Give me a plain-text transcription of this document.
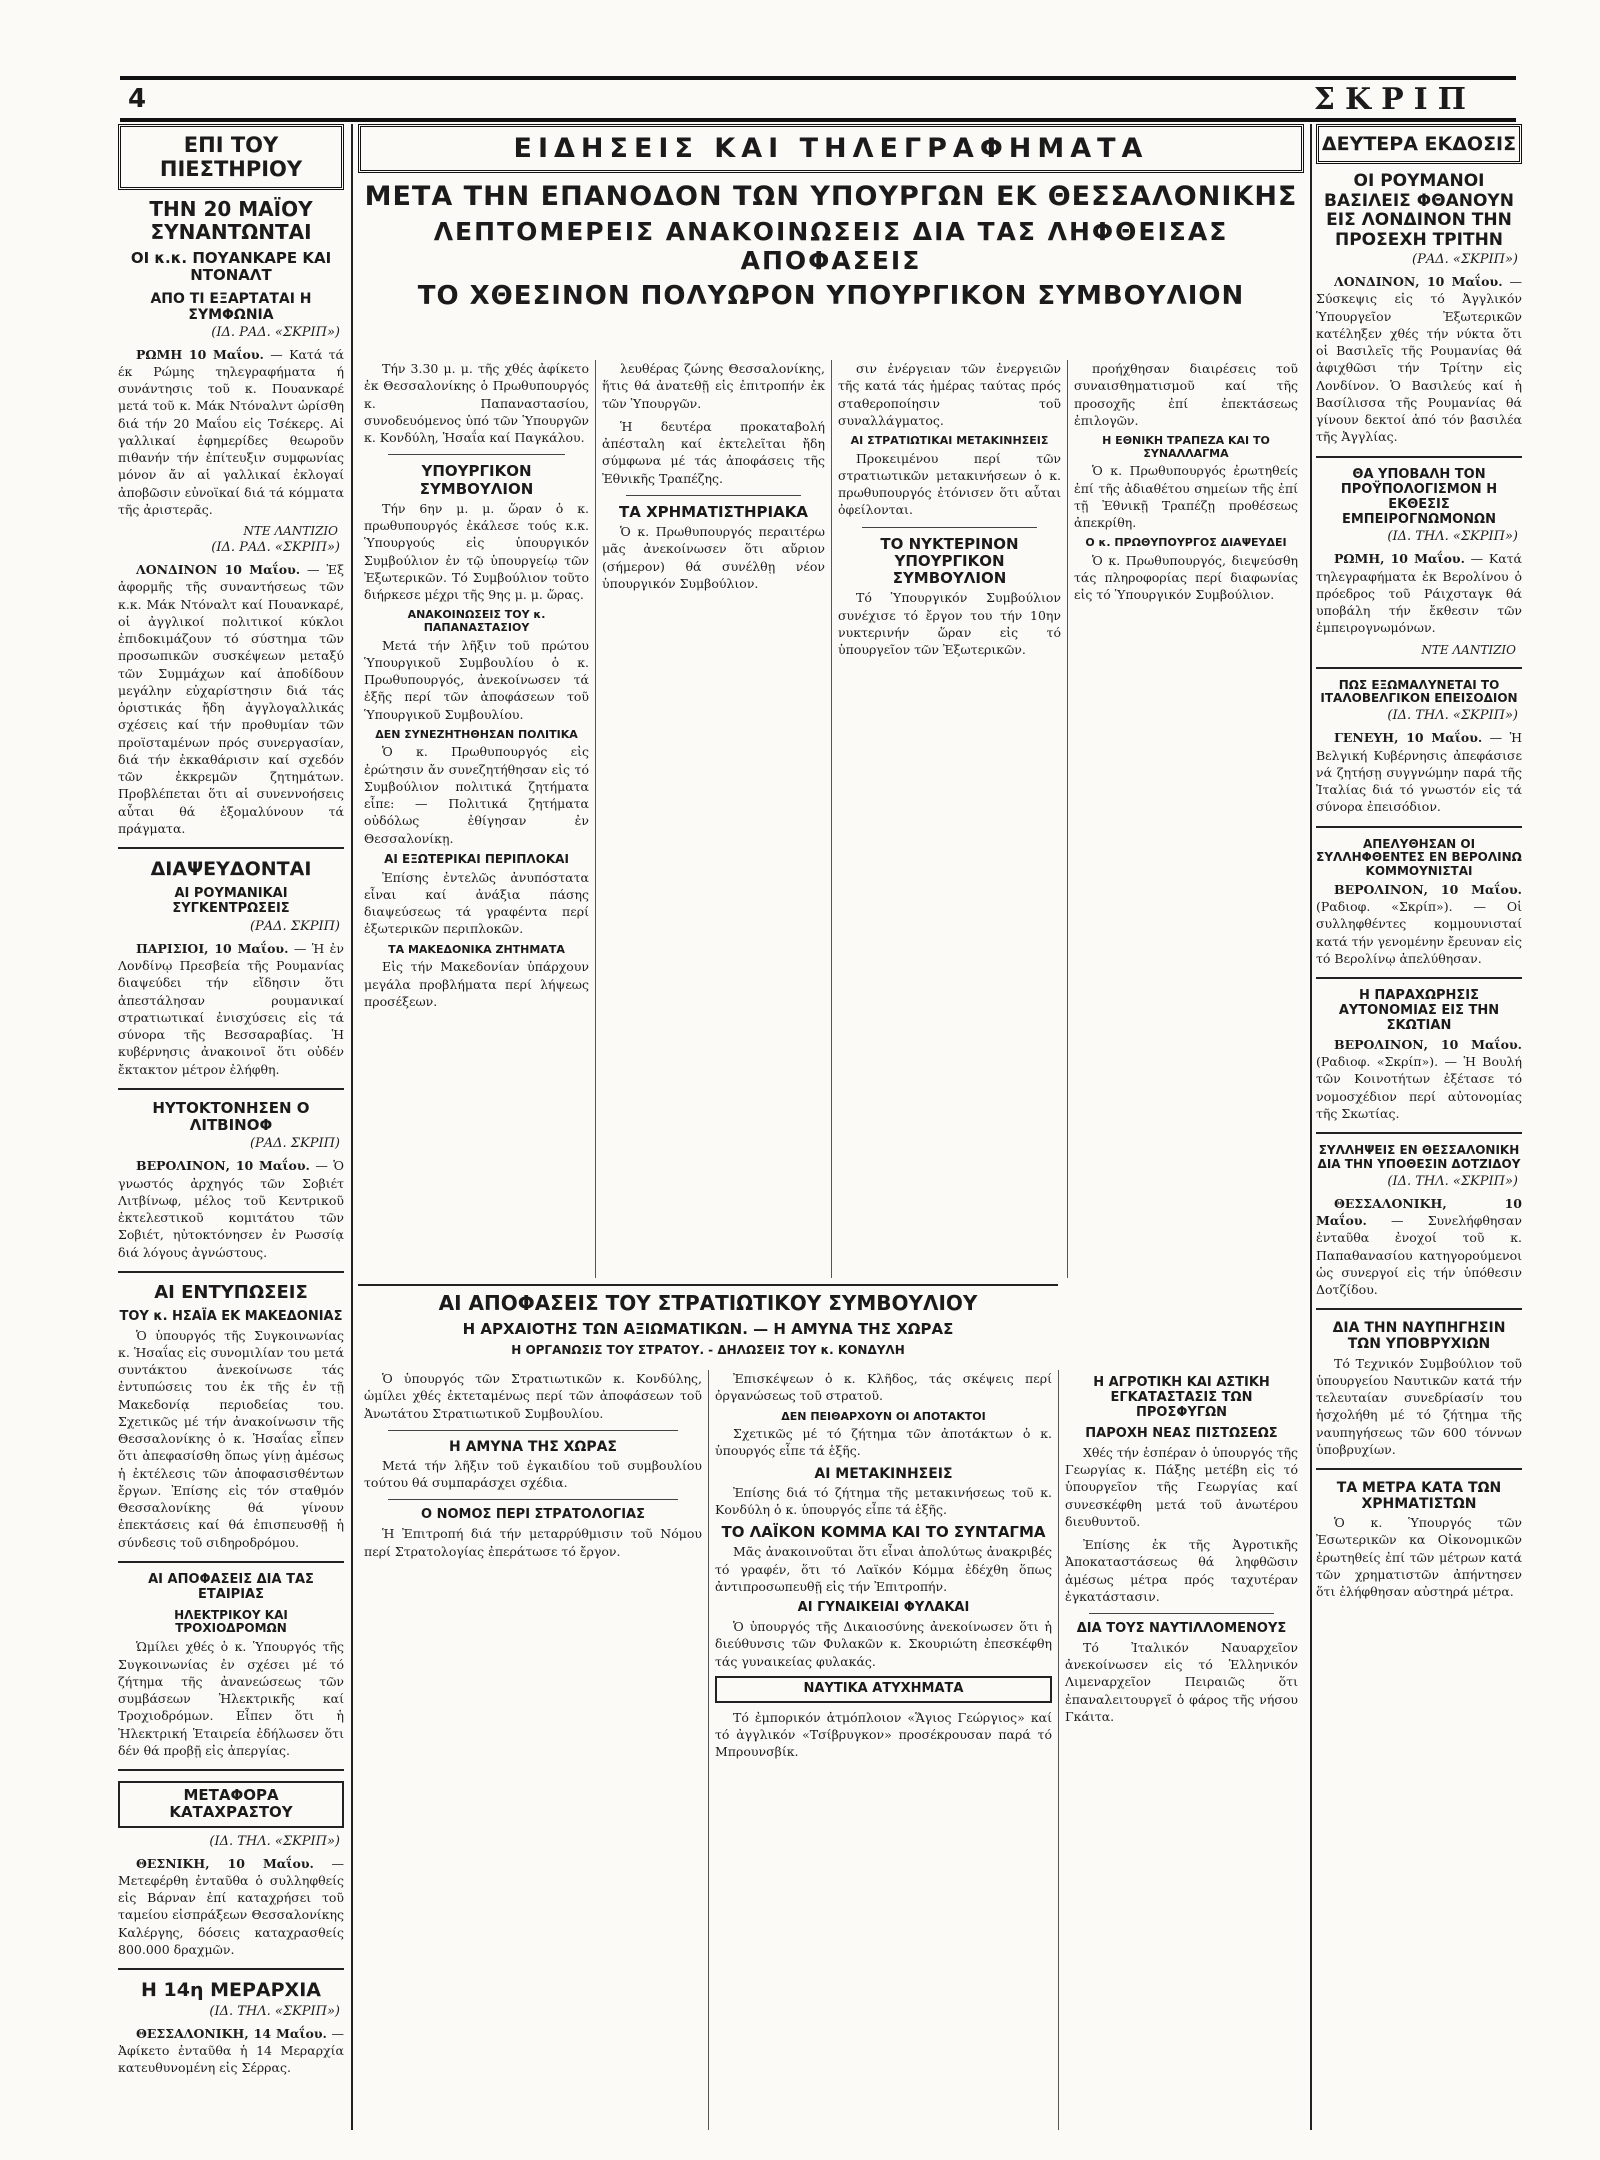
4	ΣΚΡΙΠ
ΕΠΙ ΤΟΥ ΠΙΕΣΤΗΡΙΟΥ
ΤΗΝ 20 ΜΑΪΟΥ ΣΥΝΑΝΤΩΝΤΑΙ
ΟΙ κ.κ. ΠΟΥΑΝΚΑΡΕ ΚΑΙ ΝΤΟΝΑΛΤ
ΑΠΟ ΤΙ ΕΞΑΡΤΑΤΑΙ Η ΣΥΜΦΩΝΙΑ
(ΙΔ. ΡΑΔ. «ΣΚΡΙΠ»)

ΡΩΜΗ 10 Μαΐου. — Κατά τά έκ Ρώμης τηλεγραφήματα ή συνάντησις τοῦ κ. Πουανκαρέ μετά τοῦ κ. Μάκ Ντόναλντ ὡρίσθη διά τήν 20 Μαΐου εἰς Τσέκερς. Αἱ γαλλικαί ἐφημερίδες θεωροῦν πιθανήν τήν ἐπίτευξιν συμφωνίας μόνον ἄν αἱ γαλλικαί ἐκλογαί ἀποβῶσιν εὐνοϊκαί διά τά κόμματα τῆς ἀριστερᾶς.

ΝΤΕ ΛΑΝΤΙΖΙΟ
(ΙΔ. ΡΑΔ. «ΣΚΡΙΠ»)

ΛΟΝΔΙΝΟΝ 10 Μαΐου. — Ἐξ ἀφορμῆς τῆς συναντήσεως τῶν κ.κ. Μάκ Ντόναλτ καί Πουανκαρέ, οἱ ἀγγλικοί πολιτικοί κύκλοι ἐπιδοκιμάζουν τό σύστημα τῶν προσωπικῶν συσκέψεων μεταξύ τῶν Συμμάχων καί ἀποδίδουν μεγάλην εὐχαρίστησιν διά τάς ὁριστικάς ἤδη ἀγγλογαλλικάς σχέσεις καί τήν προθυμίαν τῶν προϊσταμένων πρός συνεργασίαν, διά τήν ἐκκαθάρισιν καί σχεδόν τῶν ἐκκρεμῶν ζητημάτων. Προβλέπεται ὅτι αἱ συνεννοήσεις αὗται θά ἐξομαλύνουν τά πράγματα.

ΔΙΑΨΕΥΔΟΝΤΑΙ
ΑΙ ΡΟΥΜΑΝΙΚΑΙ ΣΥΓΚΕΝΤΡΩΣΕΙΣ
(ΡΑΔ. ΣΚΡΙΠ)

ΠΑΡΙΣΙΟΙ, 10 Μαΐου. — Ἡ ἐν Λονδίνῳ Πρεσβεία τῆς Ρουμανίας διαψεύδει τήν εἴδησιν ὅτι ἀπεστάλησαν ρουμανικαί στρατιωτικαί ἐνισχύσεις εἰς τά σύνορα τῆς Βεσσαραβίας. Ἡ κυβέρνησις ἀνακοινοῖ ὅτι οὐδέν ἔκτακτον μέτρον ἐλήφθη.

ΗΥΤΟΚΤΟΝΗΣΕΝ Ο ΛΙΤΒΙΝΟΦ
(ΡΑΔ. ΣΚΡΙΠ)

ΒΕΡΟΛΙΝΟΝ, 10 Μαΐου. — Ὁ γνωστός ἀρχηγός τῶν Σοβιέτ Λιτβίνωφ, μέλος τοῦ Κεντρικοῦ ἐκτελεστικοῦ κομιτάτου τῶν Σοβιέτ, ηὐτοκτόνησεν ἐν Ρωσσίᾳ διά λόγους ἀγνώστους.

ΑΙ ΕΝΤΥΠΩΣΕΙΣ
ΤΟΥ κ. ΗΣΑΪΑ ΕΚ ΜΑΚΕΔΟΝΙΑΣ

Ὁ ὑπουργός τῆς Συγκοινωνίας κ. Ἡσαΐας εἰς συνομιλίαν του μετά συντάκτου ἀνεκοίνωσε τάς ἐντυπώσεις του ἐκ τῆς ἐν τῇ Μακεδονίᾳ περιοδείας του. Σχετικῶς μέ τήν ἀνακοίνωσιν τῆς Θεσσαλονίκης ὁ κ. Ἡσαΐας εἶπεν ὅτι ἀπεφασίσθη ὅπως γίνῃ ἀμέσως ἡ ἐκτέλεσις τῶν ἀποφασισθέντων ἔργων. Ἐπίσης εἰς τόν σταθμόν Θεσσαλονίκης θά γίνουν ἐπεκτάσεις καί θά ἐπισπευσθῇ ἡ σύνδεσις τοῦ σιδηροδρόμου.

ΑΙ ΑΠΟΦΑΣΕΙΣ ΔΙΑ ΤΑΣ ΕΤΑΙΡΙΑΣ
ΗΛΕΚΤΡΙΚΟΥ ΚΑΙ ΤΡΟΧΙΟΔΡΟΜΩΝ

Ὡμίλει χθές ὁ κ. Ὑπουργός τῆς Συγκοινωνίας ἐν σχέσει μέ τό ζήτημα τῆς ἀνανεώσεως τῶν συμβάσεων Ἠλεκτρικῆς καί Τροχιοδρόμων. Εἶπεν ὅτι ἡ Ἠλεκτρική Ἑταιρεία ἐδήλωσεν ὅτι δέν θά προβῇ εἰς ἀπεργίας.

ΜΕΤΑΦΟΡΑ ΚΑΤΑΧΡΑΣΤΟΥ
(ΙΔ. ΤΗΛ. «ΣΚΡΙΠ»)

ΘΕΣΝΙΚΗ, 10 Μαΐου. — Μετεφέρθη ἐνταῦθα ὁ συλληφθείς εἰς Βάρναν ἐπί καταχρήσει τοῦ ταμείου εἰσπράξεων Θεσσαλονίκης Καλέργης, δόσεις καταχρασθείς 800.000 δραχμῶν.

Η 14η ΜΕΡΑΡΧΙΑ
(ΙΔ. ΤΗΛ. «ΣΚΡΙΠ»)

ΘΕΣΣΑΛΟΝΙΚΗ, 14 Μαΐου. — Ἀφίκετο ἐνταῦθα ἡ 14 Μεραρχία κατευθυνομένη εἰς Σέρρας.

ΕΙΔΗΣΕΙΣ ΚΑΙ ΤΗΛΕΓΡΑΦΗΜΑΤΑ
ΜΕΤΑ ΤΗΝ ΕΠΑΝΟΔΟΝ ΤΩΝ ΥΠΟΥΡΓΩΝ ΕΚ ΘΕΣΣΑΛΟΝΙΚΗΣ
ΛΕΠΤΟΜΕΡΕΙΣ ΑΝΑΚΟΙΝΩΣΕΙΣ ΔΙΑ ΤΑΣ ΛΗΦΘΕΙΣΑΣ ΑΠΟΦΑΣΕΙΣ
ΤΟ ΧΘΕΣΙΝΟΝ ΠΟΛΥΩΡΟΝ ΥΠΟΥΡΓΙΚΟΝ ΣΥΜΒΟΥΛΙΟΝ

Τήν 3.30 μ. μ. τῆς χθές ἀφίκετο ἐκ Θεσσαλονίκης ὁ Πρωθυπουργός κ. Παπαναστασίου, συνοδευόμενος ὑπό τῶν Ὑπουργῶν κ. Κονδύλη, Ἡσαΐα καί Παγκάλου.

ΥΠΟΥΡΓΙΚΟΝ ΣΥΜΒΟΥΛΙΟΝ

Τήν 6ην μ. μ. ὥραν ὁ κ. πρωθυπουργός ἐκάλεσε τούς κ.κ. Ὑπουργούς εἰς ὑπουργικόν Συμβούλιον ἐν τῷ ὑπουργείῳ τῶν Ἐξωτερικῶν. Τό Συμβούλιον τοῦτο διήρκεσε μέχρι τῆς 9ης μ. μ. ὥρας.

ΑΝΑΚΟΙΝΩΣΕΙΣ ΤΟΥ κ. ΠΑΠΑΝΑΣΤΑΣΙΟΥ

Μετά τήν λῆξιν τοῦ πρώτου Ὑπουργικοῦ Συμβουλίου ὁ κ. Πρωθυπουργός, ἀνεκοίνωσεν τά ἑξῆς περί τῶν ἀποφάσεων τοῦ Ὑπουργικοῦ Συμβουλίου.

ΔΕΝ ΣΥΝΕΖΗΤΗΘΗΣΑΝ ΠΟΛΙΤΙΚΑ

Ὁ κ. Πρωθυπουργός εἰς ἐρώτησιν ἄν συνεζητήθησαν εἰς τό Συμβούλιον πολιτικά ζητήματα εἶπε: — Πολιτικά ζητήματα οὐδόλως ἐθίγησαν ἐν Θεσσαλονίκῃ.

ΑΙ ΕΞΩΤΕΡΙΚΑΙ ΠΕΡΙΠΛΟΚΑΙ

Ἐπίσης ἐντελῶς ἀνυπόστατα εἶναι καί ἀνάξια πάσης διαψεύσεως τά γραφέντα περί ἐξωτερικῶν περιπλοκῶν.

ΤΑ ΜΑΚΕΔΟΝΙΚΑ ΖΗΤΗΜΑΤΑ

Εἰς τήν Μακεδονίαν ὑπάρχουν μεγάλα προβλήματα περί λήψεως προσέξεων.

λευθέρας ζώνης Θεσσαλονίκης, ἥτις θά ἀνατεθῇ εἰς ἐπιτροπήν ἐκ τῶν Ὑπουργῶν.

Ἡ δευτέρα προκαταβολή ἀπέσταλη καί ἐκτελεῖται ἤδη σύμφωνα μέ τάς ἀποφάσεις τῆς Ἐθνικῆς Τραπέζης.

ΤΑ ΧΡΗΜΑΤΙΣΤΗΡΙΑΚΑ

Ὁ κ. Πρωθυπουργός περαιτέρω μᾶς ἀνεκοίνωσεν ὅτι αὔριον (σήμερον) θά συνέλθῃ νέον ὑπουργικόν Συμβούλιον.

σιν ἐνέργειαν τῶν ἐνεργειῶν τῆς κατά τάς ἡμέρας ταύτας πρός σταθεροποίησιν τοῦ συναλλάγματος.

ΑΙ ΣΤΡΑΤΙΩΤΙΚΑΙ ΜΕΤΑΚΙΝΗΣΕΙΣ

Προκειμένου περί τῶν στρατιωτικῶν μετακινήσεων ὁ κ. πρωθυπουργός ἐτόνισεν ὅτι αὗται ὀφείλονται.

ΤΟ ΝΥΚΤΕΡΙΝΟΝ ΥΠΟΥΡΓΙΚΟΝ ΣΥΜΒΟΥΛΙΟΝ

Τό Ὑπουργικόν Συμβούλιον συνέχισε τό ἔργον του τήν 10ην νυκτερινήν ὥραν εἰς τό ὑπουργεῖον τῶν Ἐξωτερικῶν.

προήχθησαν διαιρέσεις τοῦ συναισθηματισμοῦ καί τῆς προσοχῆς ἐπί ἐπεκτάσεως ἐπιλογῶν.

Η ΕΘΝΙΚΗ ΤΡΑΠΕΖΑ ΚΑΙ ΤΟ ΣΥΝΑΛΛΑΓΜΑ

Ὁ κ. Πρωθυπουργός ἐρωτηθείς ἐπί τῆς ἀδιαθέτου σημείων τῆς ἐπί τῇ Ἐθνικῇ Τραπέζῃ προθέσεως ἀπεκρίθη.

Ο κ. ΠΡΩΘΥΠΟΥΡΓΟΣ ΔΙΑΨΕΥΔΕΙ

Ὁ κ. Πρωθυπουργός, διεψεύσθη τάς πληροφορίας περί διαφωνίας εἰς τό Ὑπουργικόν Συμβούλιον.

ΑΙ ΑΠΟΦΑΣΕΙΣ ΤΟΥ ΣΤΡΑΤΙΩΤΙΚΟΥ ΣΥΜΒΟΥΛΙΟΥ
Η ΑΡΧΑΙΟΤΗΣ ΤΩΝ ΑΞΙΩΜΑΤΙΚΩΝ. — Η ΑΜΥΝΑ ΤΗΣ ΧΩΡΑΣ
Η ΟΡΓΑΝΩΣΙΣ ΤΟΥ ΣΤΡΑΤΟΥ. - ΔΗΛΩΣΕΙΣ ΤΟΥ κ. ΚΟΝΔΥΛΗ

Ὁ ὑπουργός τῶν Στρατιωτικῶν κ. Κονδύλης, ὡμίλει χθές ἐκτεταμένως περί τῶν ἀποφάσεων τοῦ Ἀνωτάτου Στρατιωτικοῦ Συμβουλίου.

Η ΑΜΥΝΑ ΤΗΣ ΧΩΡΑΣ

Μετά τήν λῆξιν τοῦ ἐγκαιδίου τοῦ συμβουλίου τούτου θά συμπαράσχει σχέδια.

Ο ΝΟΜΟΣ ΠΕΡΙ ΣΤΡΑΤΟΛΟΓΙΑΣ

Ἡ Ἐπιτροπή διά τήν μεταρρύθμισιν τοῦ Νόμου περί Στρατολογίας ἐπεράτωσε τό ἔργον.

Ἐπισκέψεων ὁ κ. Κλῆδος, τάς σκέψεις περί ὀργανώσεως τοῦ στρατοῦ.

ΔΕΝ ΠΕΙΘΑΡΧΟΥΝ ΟΙ ΑΠΟΤΑΚΤΟΙ

Σχετικῶς μέ τό ζήτημα τῶν ἀποτάκτων ὁ κ. ὑπουργός εἶπε τά ἑξῆς.

ΑΙ ΜΕΤΑΚΙΝΗΣΕΙΣ

Ἐπίσης διά τό ζήτημα τῆς μετακινήσεως τοῦ κ. Κονδύλη ὁ κ. ὑπουργός εἶπε τά ἑξῆς.

ΤΟ ΛΑΪΚΟΝ ΚΟΜΜΑ ΚΑΙ ΤΟ ΣΥΝΤΑΓΜΑ

Μᾶς ἀνακοινοῦται ὅτι εἶναι ἀπολύτως ἀνακριβές τό γραφέν, ὅτι τό Λαϊκόν Κόμμα ἐδέχθη ὅπως ἀντιπροσωπευθῇ εἰς τήν Ἐπιτροπήν.

ΑΙ ΓΥΝΑΙΚΕΙΑΙ ΦΥΛΑΚΑΙ

Ὁ ὑπουργός τῆς Δικαιοσύνης ἀνεκοίνωσεν ὅτι ἡ διεύθυνσις τῶν Φυλακῶν κ. Σκουριώτη ἐπεσκέφθη τάς γυναικείας φυλακάς.

ΝΑΥΤΙΚΑ ΑΤΥΧΗΜΑΤΑ

Τό ἐμπορικόν ἀτμόπλοιον «Ἅγιος Γεώργιος» καί τό ἀγγλικόν «Τσίβρυγκον» προσέκρουσαν παρά τό Μπρουνσβίκ.

Η ΑΓΡΟΤΙΚΗ ΚΑΙ ΑΣΤΙΚΗ ΕΓΚΑΤΑΣΤΑΣΙΣ ΤΩΝ ΠΡΟΣΦΥΓΩΝ
ΠΑΡΟΧΗ ΝΕΑΣ ΠΙΣΤΩΣΕΩΣ

Χθές τήν ἑσπέραν ὁ ὑπουργός τῆς Γεωργίας κ. Πάξης μετέβη εἰς τό ὑπουργεῖον τῆς Γεωργίας καί συνεσκέφθη μετά τοῦ ἀνωτέρου διευθυντοῦ.

Ἐπίσης ἐκ τῆς Ἀγροτικῆς Ἀποκαταστάσεως θά ληφθῶσιν ἀμέσως μέτρα πρός ταχυτέραν ἐγκατάστασιν.

ΔΙΑ ΤΟΥΣ ΝΑΥΤΙΛΛΟΜΕΝΟΥΣ

Τό Ἰταλικόν Ναυαρχεῖον ἀνεκοίνωσεν εἰς τό Ἑλληνικόν Λιμεναρχεῖον Πειραιῶς ὅτι ἐπαναλειτουργεῖ ὁ φάρος τῆς νήσου Γκάιτα.

ΔΕΥΤΕΡΑ ΕΚΔΟΣΙΣ
ΟΙ ΡΟΥΜΑΝΟΙ ΒΑΣΙΛΕΙΣ ΦΘΑΝΟΥΝ ΕΙΣ ΛΟΝΔΙΝΟΝ ΤΗΝ ΠΡΟΣΕΧΗ ΤΡΙΤΗΝ
(ΡΑΔ. «ΣΚΡΙΠ»)

ΛΟΝΔΙΝΟΝ, 10 Μαΐου. — Σύσκεψις εἰς τό Ἀγγλικόν Ὑπουργεῖον Ἐξωτερικῶν κατέληξεν χθές τήν νύκτα ὅτι οἱ Βασιλεῖς τῆς Ρουμανίας θά ἀφιχθῶσι τήν Τρίτην εἰς Λονδίνον. Ὁ Βασιλεύς καί ἡ Βασίλισσα τῆς Ρουμανίας θά γίνουν δεκτοί ἀπό τόν βασιλέα τῆς Ἀγγλίας.

ΘΑ ΥΠΟΒΑΛΗ ΤΟΝ ΠΡΟΫΠΟΛΟΓΙΣΜΟΝ Η ΕΚΘΕΣΙΣ ΕΜΠΕΙΡΟΓΝΩΜΟΝΩΝ
(ΙΔ. ΤΗΛ. «ΣΚΡΙΠ»)

ΡΩΜΗ, 10 Μαΐου. — Κατά τηλεγραφήματα ἐκ Βερολίνου ὁ πρόεδρος τοῦ Ράιχσταγκ θά υποβάλη τήν ἔκθεσιν τῶν ἐμπειρογνωμόνων.

ΝΤΕ ΛΑΝΤΙΖΙΟ
ΠΩΣ ΕΞΩΜΑΛΥΝΕΤΑΙ ΤΟ ΙΤΑΛΟΒΕΛΓΙΚΟΝ ΕΠΕΙΣΟΔΙΟΝ
(ΙΔ. ΤΗΛ. «ΣΚΡΙΠ»)

ΓΕΝΕΥΗ, 10 Μαΐου. — Ἡ Βελγική Κυβέρνησις ἀπεφάσισε νά ζητήσῃ συγγνώμην παρά τῆς Ἰταλίας διά τό γνωστόν εἰς τά σύνορα ἐπεισόδιον.

ΑΠΕΛΥΘΗΣΑΝ ΟΙ ΣΥΛΛΗΦΘΕΝΤΕΣ ΕΝ ΒΕΡΟΛΙΝΩ ΚΟΜΜΟΥΝΙΣΤΑΙ

ΒΕΡΟΛΙΝΟΝ, 10 Μαΐου. (Ραδιοφ. «Σκρίπ»). — Οἱ συλληφθέντες κομμουνισταί κατά τήν γενομένην ἔρευναν εἰς τό Βερολίνῳ ἀπελύθησαν.

Η ΠΑΡΑΧΩΡΗΣΙΣ ΑΥΤΟΝΟΜΙΑΣ ΕΙΣ ΤΗΝ ΣΚΩΤΙΑΝ

ΒΕΡΟΛΙΝΟΝ, 10 Μαΐου. (Ραδιοφ. «Σκρίπ»). — Ἡ Βουλή τῶν Κοινοτήτων ἐξέτασε τό νομοσχέδιον περί αὐτονομίας τῆς Σκωτίας.

ΣΥΛΛΗΨΕΙΣ ΕΝ ΘΕΣΣΑΛΟΝΙΚΗ ΔΙΑ ΤΗΝ ΥΠΟΘΕΣΙΝ ΔΟΤΖΙΔΟΥ
(ΙΔ. ΤΗΛ. «ΣΚΡΙΠ»)

ΘΕΣΣΑΛΟΝΙΚΗ, 10 Μαΐου. — Συνελήφθησαν ἐνταῦθα ἐνοχοί τοῦ κ. Παπαθανασίου κατηγορούμενοι ὡς συνεργοί εἰς τήν ὑπόθεσιν Δοτζίδου.

ΔΙΑ ΤΗΝ ΝΑΥΠΗΓΗΣΙΝ ΤΩΝ ΥΠΟΒΡΥΧΙΩΝ

Τό Τεχνικόν Συμβούλιον τοῦ ὑπουργείου Ναυτικῶν κατά τήν τελευταίαν συνεδρίασίν του ἠσχολήθη μέ τό ζήτημα τῆς ναυπηγήσεως τῶν 600 τόννων ὑποβρυχίων.

ΤΑ ΜΕΤΡΑ ΚΑΤΑ ΤΩΝ ΧΡΗΜΑΤΙΣΤΩΝ

Ὁ κ. Ὑπουργός τῶν Ἐσωτερικῶν κα Οἰκονομικῶν ἐρωτηθείς ἐπί τῶν μέτρων κατά τῶν χρηματιστῶν ἀπήντησεν ὅτι ἐλήφθησαν αὐστηρά μέτρα.
